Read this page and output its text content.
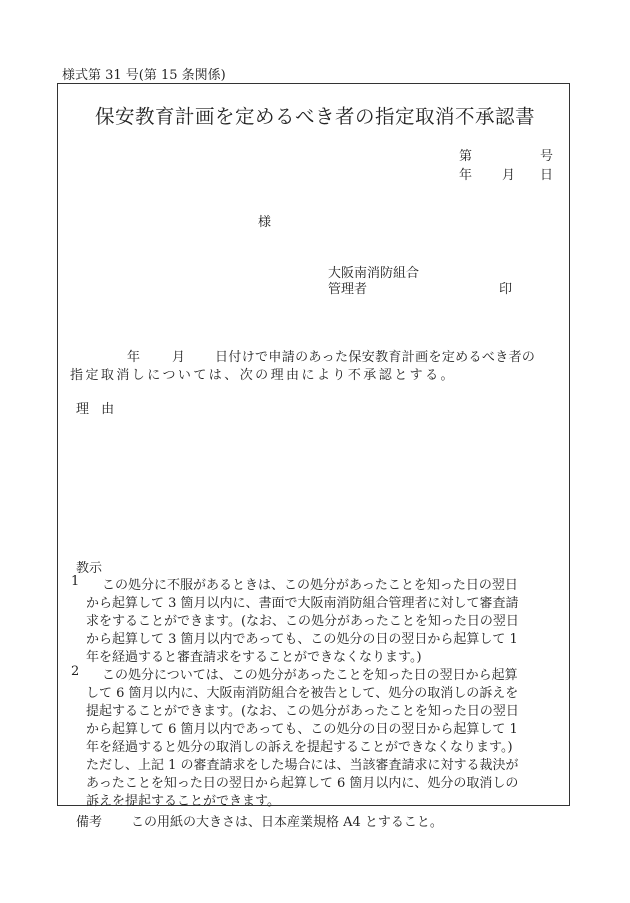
様式第 31 号(第 15 条関係)
保安教育計画を定めるべき者の指定取消不承認書
第	号
年 月 日
様
大阪南消防組合
管理者	印
年 月 日付けで申請のあった保安教育計画を定めるべき者の
指定取消しについては、次の理由により不承認とする。
理 由
教示
1 この処分に不服があるときは、この処分があったことを知った日の翌日
から起算して 3 箇月以内に、書面で大阪南消防組合管理者に対して審査請
求をすることができます。(なお、この処分があったことを知った日の翌日
から起算して 3 箇月以内であっても、この処分の日の翌日から起算して 1
年を経過すると審査請求をすることができなくなります。)
2 この処分については、この処分があったことを知った日の翌日から起算
して 6 箇月以内に、大阪南消防組合を被告として、処分の取消しの訴えを
提起することができます。(なお、この処分があったことを知った日の翌日
から起算して 6 箇月以内であっても、この処分の日の翌日から起算して 1
年を経過すると処分の取消しの訴えを提起することができなくなります。)
ただし、上記 1 の審査請求をした場合には、当該審査請求に対する裁決が
あったことを知った日の翌日から起算して 6 箇月以内に、処分の取消しの
訴えを提起することができます。
備考 この用紙の大きさは、日本産業規格 A4 とすること。
